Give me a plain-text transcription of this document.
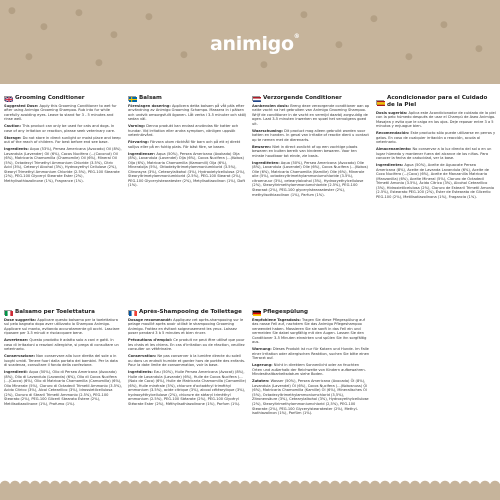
●
●
●
●
●
●
●
●
●
●
●
●
●
●
●
animigo®
Grooming Conditioner

Suggested Dose: Apply this Grooming Conditioner to wet fur after using Animigo Grooming Shampoo. Rub into fur while carefully avoiding eyes. Leave to stand for 3 - 5 minutes and rinse well.

Caution: This product can only be used for cats and dogs. In case of any irritation or reaction, please seek veterinary care.

Storage: Do not store in direct sunlight or moist place and keep out of the reach of children. For best before end see base.

Ingredients: Aqua (53%), Persea Americana (Avocado) Oil (8%), Lavandula (Lavender) Oil (6%), Cocos Nucifera (...(Coconut) Oil (6%), Matricaria Chamomilla (Chamomile) Oil (6%), Mineral Oil (5%), Octadecyl Trimethyl Ammonium Chloride (3.5%), Citric Acid (3%), Cetearyl Alcohol (3%), Hydroxyethyl Cellulose (2%), Stearyl Trimethyl Ammonium Chloride (2.5%), PEG-100 Stearate (2%), PEG-100 Glyceryl Stearate Ester (2%), Methylisothiazolinone (1%), Fragrance (1%).

Balsam

Föreslagen dosering: Applicera detta balsam på våt päls efter användning av Animigo Grooming Schampo. Massera in i pälsen och undvik omsorgsfullt ögonen. Låt verka i 3-5 minuter och skölj sedan väl.

Varning: Denna produkt kan endast användas för katter och hundar. Vid irritation eller andra symptom, vänligen uppsök veterinärvård.

Förvaring: Förvara utom räckhåll för barn och på ett ej direkt solljus eller på en fuktig plats. För bäst före, se basen.

Ingredienser: Aqua (50%), Persea Americana (Avokado) Olja (8%), Lavandula (Lavendel) Olja (6%), Cocos Nucifera (...(Kokos) Olja (6%), Matricaria Chamomilla (Kamomill) Olja (6%), Mineralolja (5%), Oktadekyltrimetylammoniumklorid (3.5%), Citronsyra (3%), Cetearylalkohol (3%), Hydroxietylcellulosa (2%), Stearyltrimetylammoniumklorid (2.5%), PEG-100 Stearat (2%), PEG-100 Glycerylstearatester (2%), Metylisotiazolinon (1%), Doft (1%).

Verzorgende Conditioner

Aanbevolen dosis: Breng deze verzorgende conditioner aan op natte vacht na het gebruiken van Animigo Grooming Shampoo. Wrijf de conditioner in de vacht en vermijd daarbij zorgvuldig de ogen. Laat 3-5 minuten inwerken en spoel het vervolgens goed uit.

Waarschuwing: Dit product mag alleen gebruikt worden voor katten en honden. In geval van irritatie of reactie dient u contact op te nemen met de dierenarts.

Bewaren: Niet in direct zonlicht of op een vochtige plaats bewaren en buiten bereik van kinderen bewaren. Voor ten minste houdbaar tot einde, zie basis.

Ingrediënten: Aqua (50%), Persea Americana (Avocado) Olie (8%), Lavandula (Lavendel) Olie (6%), Cocos Nucifera (...(Kokos) Olie (6%), Matricaria Chamomilla (Kamille) Olie (6%), Minerale olie (5%), octadecyltrimethylammoniumchloride (3.5%), citroenzuur (3%), cetearylalcohol (3%), Hydroxyethylcellulose (2%), Stearyltrimethylammoniumchloride (2.5%), PEG-100 Stearaat (2%), PEG-100 glycerylstearaatester (2%), methylisothiazolinon (1%), Parfum (1%).

Acondicionador para el Cuidado de la Piel

Dosis sugerida: Aplica este Acondicionador de cuidado de la piel con la pelo húmedo después de usar el Champú de Aseo Animigo. Masajea y evita que le caiga en los ojos. Deje reposar entre 3 a 5 minutos y enjuague bien.

Recomendación: Este producto sólo puede utilizarse en perros y gatos. En caso de cualquier irritación o reacción, acuda al veterinario.

Almacenamiento: No conservar a la luz directa del sol o en un lugar húmedo y mantener fuera del alcance de los niños. Para conocer la fecha de caducidad, ver la base.

Ingredientes: Agua (50%), Aceite de Aguacate Persea Americana (8%), Aceite de Lavanda Lavandula (6%), Aceite de Coco Nucifera (...(Coco) (6%), Aceite de Manzanilla Matricaria (Manzanilla) (6%), Aceite Mineral (5%), Cloruro de Octadecil Trimetil Amonio (3.5%), Ácido Cítrico (3%), Alcohol Cetearílico (3%), Hidroxietilcelulosa (2%), Cloruro de Estearil Trimetil Amonio (2.5%), Estearato PEG-100 (2%), Éster de Estearato de Glicerilo PEG-100 (2%), Metilisotiazolinona (1%), Fragancia (1%).

Balsamo per Toelettatura

Dose suggerita: Applicare questo balsamo per la toelettatura sul pelo bagnato dopo aver utilizzato lo Shampoo Animigo. Applicare sul manto, evitando accuratamente gli occhi. Lasciare riposare per 3-5 minuti e risciacquare bene.

Avvertenze: Questo prodotto è adatto solo a cani e gatti. In caso di irritazioni o reazioni allergiche, si prega di consultare un veterinario.

Conservazione: Non conservare alla luce diretta del sole o in luoghi umidi. Tenere fuori dalla portata dei bambini. Per la data di scadenza, consultare il fondo della confezione.

Ingredienti: Aqua (50%), Olio di Persea Americana (Avocado) (8%), Olio di Lavandula (Lavanda) (6%), Olio di Cocos Nucifera (...(Cocco) (6%), Olio di Matricaria Chamomilla (Camomilla) (6%), Olio Minerale (5%), Cloruro di Octadecil Trimetil Ammonio (3.5%), Acido Citrico (3%), Alcol Cetearilico (3%), Idrossietilcellulosa (2%), Cloruro di Stearil Trimetil Ammonio (2.5%), PEG-100 Stearato (2%), PEG-100 Gliceril Stearato Estere (2%), Metilisotiazolinone (1%), Profumo (1%).

Après-Shampooing de Toilettage

Dosage recommandé: Appliquez cet après-shampooing sur le pelage mouillé après avoir utilisé le shampooing Grooming Animigo. Frottez en évitant soigneusement les yeux. Laissez poser pendant 3 à 5 minutes et bien rincer.

Précautions d'emploi: Ce produit ne peut être utilisé que pour les chats et les chiens. En cas d'irritation ou de réaction, veuillez consulter un vétérinaire.

Conservation: Ne pas conserver à la lumière directe du soleil ou dans un endroit humide et garder hors de portée des enfants. Pour la date limite de consommation, voir la base.

Ingrédients: Eau (50%), Huile Persea Americana (Avocat) (8%), Huile de Lavandula (Lavande) (6%), Huile de Cocos Nucifera (...(Noix de Coco) (6%), Huile de Matricaria Chamomilla (Camomille) (6%), Huile minérale (5%), chlorure d'octadécyl triméthyl ammonium (3.5%), acide citrique (3%), alcool cétéarylique (3%), hydroxyéthylcellulose (2%), chlorure de stéaryl triméthyl ammonium (2.5%), PEG-100 Stéarate (2%), PEG-100 Glycéryl Stéarate Ester (2%), Méthylisothiazolinone (1%), Parfum (1%).

Pflegespülung

Empfohlene Tagesdosis: Tragen Sie diese Pflegespülung auf das nasse Fell auf, nachdem Sie das Animigo Pflegeshampoo verwendet haben. Massieren Sie sie sanft in das Fell ein und vermeiden Sie dabei sorgfältig mit den Augen. Lassen Sie den Conditioner 3-5 Minuten einwirken und spülen Sie ihn sorgfältig aus.

Warnung: Dieses Produkt ist nur für Katzen und Hunde. Im Falle einer Irritation oder allergischen Reaktion, suchen Sie bitte einen Tierarzt auf.

Lagerung: Nicht in direktem Sonnenlicht oder an feuchten Orten und außerhalb der Reichweite von Kindern aufbewahren. Mindesthaltbarkeitsdatum siehe Boden.

Zutaten: Wasser (50%), Persea Americana (Avocado) Öl (8%), Lavandula (Lavendel) Öl (6%), Cocos Nucifera (...(Kokosnuss) Öl (6%), Matricaria Chamomilla (Kamille) Öl (6%), Mineralisches Öl (5%), Octadecyltrimethylammoniumchlorid (3,5%), Zitronensäure (3%), Cetearylalkohol (3%), Hydroxyethylcellulose (2%), Stearyltrimethylammoniumchlorid (2,5%), PEG-100 Stearate (2%), PEG-100 Glycerylstearatester (2%), Methyl-isothiazolinon (1%), Parfüm (1%).
